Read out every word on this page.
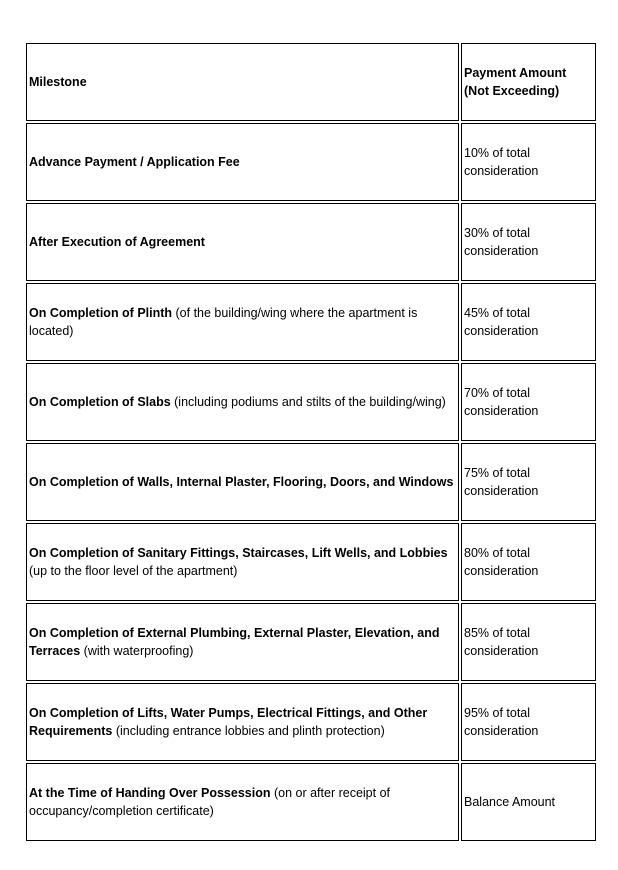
Milestone	Payment Amount (Not Exceeding)
Advance Payment / Application Fee	10% of total consideration
After Execution of Agreement	30% of total consideration
On Completion of Plinth (of the building/wing where the apartment is located)	45% of total consideration
On Completion of Slabs (including podiums and stilts of the building/wing)	70% of total consideration
On Completion of Walls, Internal Plaster, Flooring, Doors, and Windows	75% of total consideration
On Completion of Sanitary Fittings, Staircases, Lift Wells, and Lobbies (up to the floor level of the apartment)	80% of total consideration
On Completion of External Plumbing, External Plaster, Elevation, and Terraces (with waterproofing)	85% of total consideration
On Completion of Lifts, Water Pumps, Electrical Fittings, and Other Requirements (including entrance lobbies and plinth protection)	95% of total consideration
At the Time of Handing Over Possession (on or after receipt of occupancy/completion certificate)	Balance Amount
